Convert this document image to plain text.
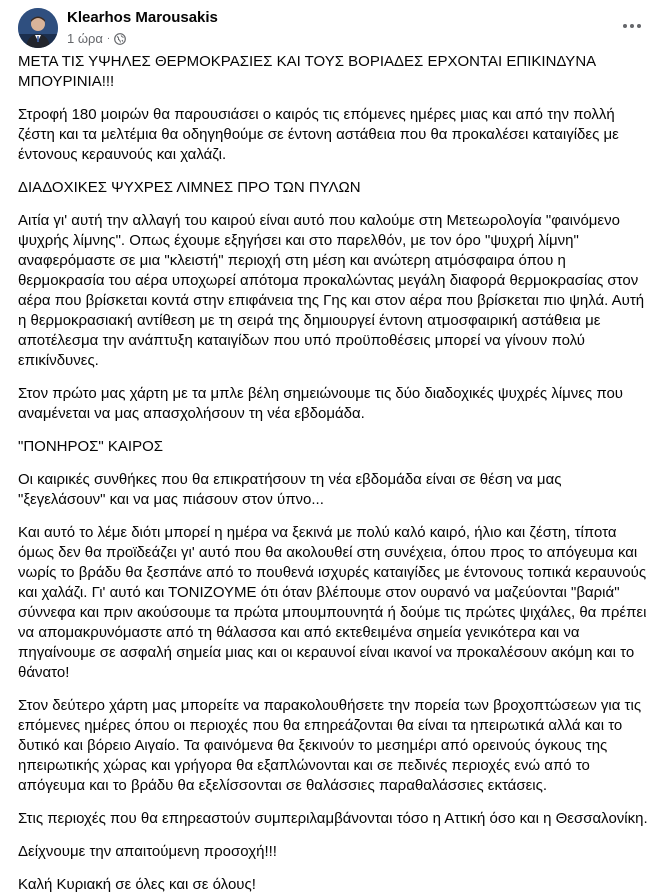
Klearhos Marousakis
1 ώρα ·

ΜΕΤΑ ΤΙΣ ΥΨΗΛΕΣ ΘΕΡΜΟΚΡΑΣΙΕΣ ΚΑΙ ΤΟΥΣ ΒΟΡΙΑΔΕΣ ΕΡΧΟΝΤΑΙ ΕΠΙΚΙΝΔΥΝΑ ΜΠΟΥΡΙΝΙΑ!!!

Στροφή 180 μοιρών θα παρουσιάσει ο καιρός τις επόμενες ημέρες μιας και από την πολλή ζέστη και τα μελτέμια θα οδηγηθούμε σε έντονη αστάθεια που θα προκαλέσει καταιγίδες με έντονους κεραυνούς και χαλάζι.

ΔΙΑΔΟΧΙΚΕΣ ΨΥΧΡΕΣ ΛΙΜΝΕΣ ΠΡΟ ΤΩΝ ΠΥΛΩΝ

Αιτία γι' αυτή την αλλαγή του καιρού είναι αυτό που καλούμε στη Μετεωρολογία "φαινόμενο ψυχρής λίμνης". Οπως έχουμε εξηγήσει και στο παρελθόν, με τον όρο "ψυχρή λίμνη" αναφερόμαστε σε μια "κλειστή" περιοχή στη μέση και ανώτερη ατμόσφαιρα όπου η θερμοκρασία του αέρα υποχωρεί απότομα προκαλώντας μεγάλη διαφορά θερμοκρασίας στον αέρα που βρίσκεται κοντά στην επιφάνεια της Γης και στον αέρα που βρίσκεται πιο ψηλά. Αυτή η θερμοκρασιακή αντίθεση με τη σειρά της δημιουργεί έντονη ατμοσφαιρική αστάθεια με αποτέλεσμα την ανάπτυξη καταιγίδων που υπό προϋποθέσεις μπορεί να γίνουν πολύ επικίνδυνες.

Στον πρώτο μας χάρτη με τα μπλε βέλη σημειώνουμε τις δύο διαδοχικές ψυχρές λίμνες που αναμένεται να μας απασχολήσουν τη νέα εβδομάδα.

"ΠΟΝΗΡΟΣ" ΚΑΙΡΟΣ

Οι καιρικές συνθήκες που θα επικρατήσουν τη νέα εβδομάδα είναι σε θέση να μας "ξεγελάσουν" και να μας πιάσουν στον ύπνο...

Και αυτό το λέμε διότι μπορεί η ημέρα να ξεκινά με πολύ καλό καιρό, ήλιο και ζέστη, τίποτα όμως δεν θα προϊδεάζει γι' αυτό που θα ακολουθεί στη συνέχεια, όπου προς το απόγευμα και νωρίς το βράδυ θα ξεσπάνε από το πουθενά ισχυρές καταιγίδες με έντονους τοπικά κεραυνούς και χαλάζι. Γι' αυτό και ΤΟΝΙΖΟΥΜΕ ότι όταν βλέπουμε στον ουρανό να μαζεύονται "βαριά" σύννεφα και πριν ακούσουμε τα πρώτα μπουμπουνητά ή δούμε τις πρώτες ψιχάλες, θα πρέπει να απομακρυνόμαστε από τη θάλασσα και από εκτεθειμένα σημεία γενικότερα και να πηγαίνουμε σε ασφαλή σημεία μιας και οι κεραυνοί είναι ικανοί να προκαλέσουν ακόμη και το θάνατο!

Στον δεύτερο χάρτη μας μπορείτε να παρακολουθήσετε την πορεία των βροχοπτώσεων για τις επόμενες ημέρες όπου οι περιοχές που θα επηρεάζονται θα είναι τα ηπειρωτικά αλλά και το δυτικό και βόρειο Αιγαίο. Τα φαινόμενα θα ξεκινούν το μεσημέρι από ορεινούς όγκους της ηπειρωτικής χώρας και γρήγορα θα εξαπλώνονται και σε πεδινές περιοχές ενώ από το απόγευμα και το βράδυ θα εξελίσσονται σε θαλάσσιες παραθαλάσσιες εκτάσεις.

Στις περιοχές που θα επηρεαστούν συμπεριλαμβάνονται τόσο η Αττική όσο και η Θεσσαλονίκη.

Δείχνουμε την απαιτούμενη προσοχή!!!

Καλή Κυριακή σε όλες και σε όλους!
